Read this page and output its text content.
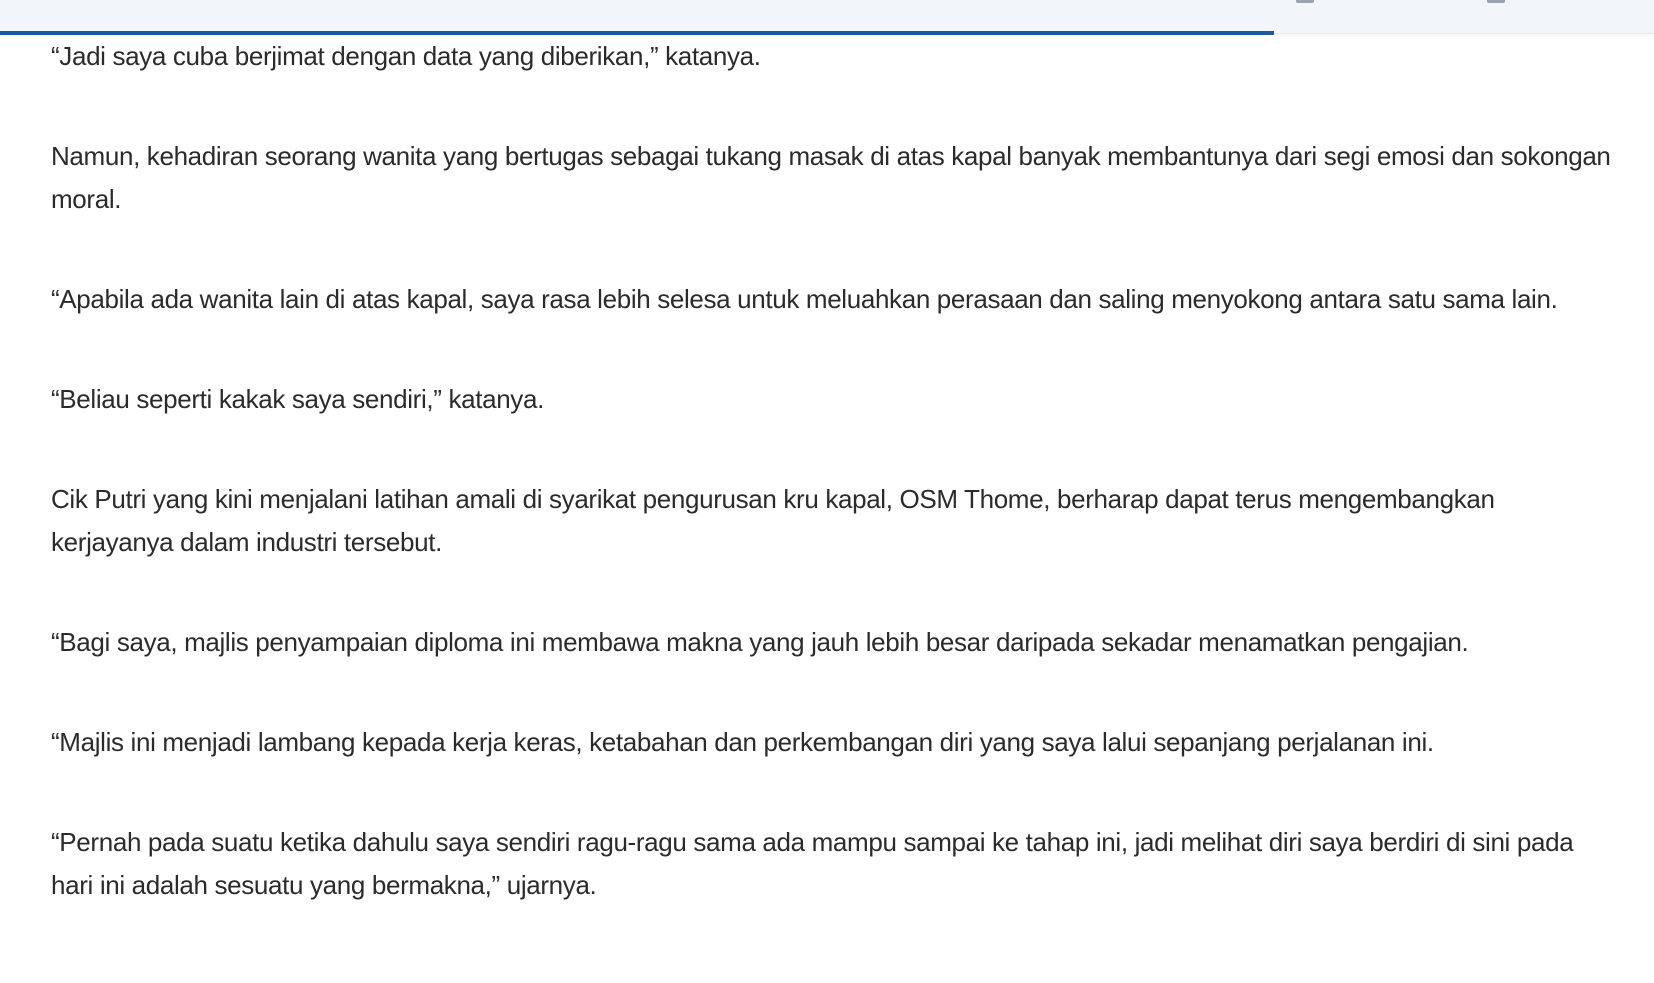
“Jadi saya cuba berjimat dengan data yang diberikan,” katanya.

Namun, kehadiran seorang wanita yang bertugas sebagai tukang masak di atas kapal banyak membantunya dari segi emosi dan sokongan moral.

“Apabila ada wanita lain di atas kapal, saya rasa lebih selesa untuk meluahkan perasaan dan saling menyokong antara satu sama lain.

“Beliau seperti kakak saya sendiri,” katanya.

Cik Putri yang kini menjalani latihan amali di syarikat pengurusan kru kapal, OSM Thome, berharap dapat terus mengembangkan kerjayanya dalam industri tersebut.

“Bagi saya, majlis penyampaian diploma ini membawa makna yang jauh lebih besar daripada sekadar menamatkan pengajian.

“Majlis ini menjadi lambang kepada kerja keras, ketabahan dan perkembangan diri yang saya lalui sepanjang perjalanan ini.

“Pernah pada suatu ketika dahulu saya sendiri ragu-ragu sama ada mampu sampai ke tahap ini, jadi melihat diri saya berdiri di sini pada hari ini adalah sesuatu yang bermakna,” ujarnya.
